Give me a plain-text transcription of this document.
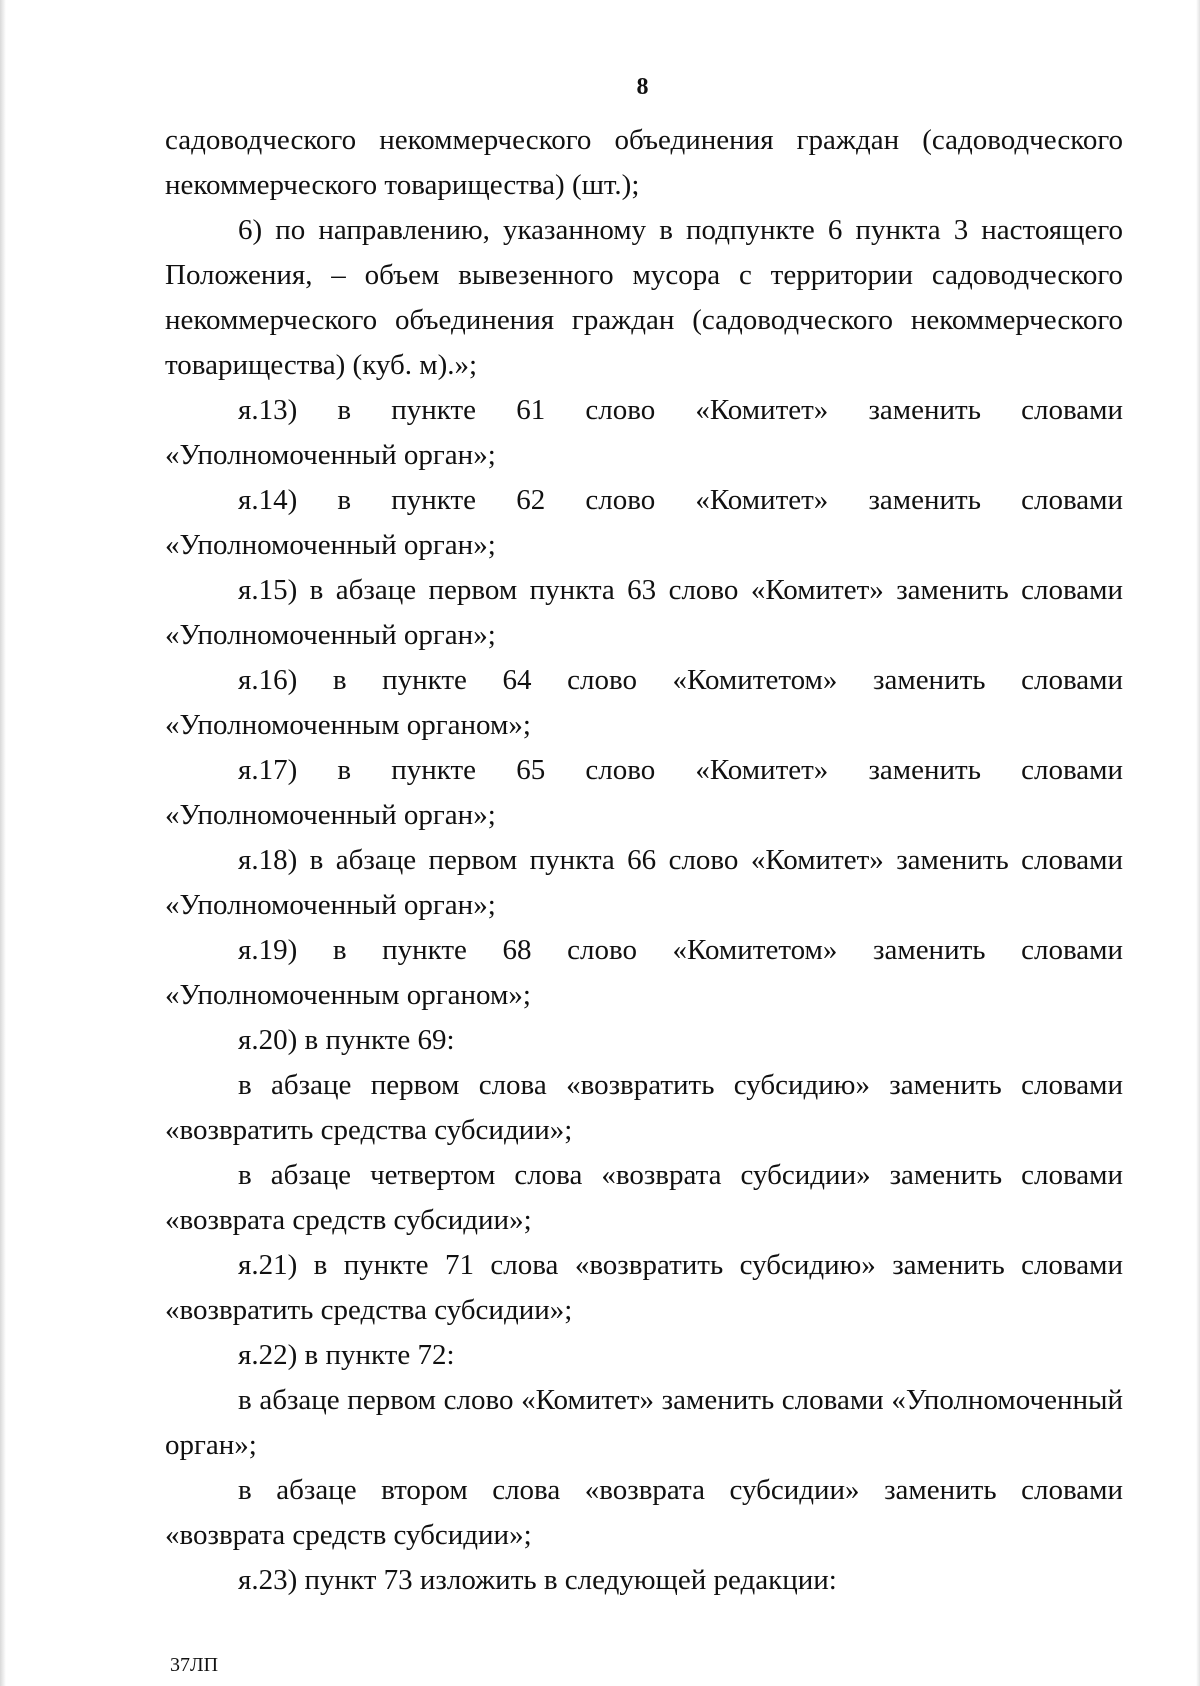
8

садоводческого некоммерческого объединения граждан (садоводческого некоммерческого товарищества) (шт.);

6) по направлению, указанному в подпункте 6 пункта 3 настоящего Положения, – объем вывезенного мусора с территории садоводческого некоммерческого объединения граждан (садоводческого некоммерческого товарищества) (куб. м).»;

я.13) в пункте 61 слово «Комитет» заменить словами «Уполномоченный орган»;

я.14) в пункте 62 слово «Комитет» заменить словами «Уполномоченный орган»;

я.15) в абзаце первом пункта 63 слово «Комитет» заменить словами «Уполномоченный орган»;

я.16) в пункте 64 слово «Комитетом» заменить словами «Уполномоченным органом»;

я.17) в пункте 65 слово «Комитет» заменить словами «Уполномоченный орган»;

я.18) в абзаце первом пункта 66 слово «Комитет» заменить словами «Уполномоченный орган»;

я.19) в пункте 68 слово «Комитетом» заменить словами «Уполномоченным органом»;

я.20) в пункте 69:

в абзаце первом слова «возвратить субсидию» заменить словами «возвратить средства субсидии»;

в абзаце четвертом слова «возврата субсидии» заменить словами «возврата средств субсидии»;

я.21) в пункте 71 слова «возвратить субсидию» заменить словами «возвратить средства субсидии»;

я.22) в пункте 72:

в абзаце первом слово «Комитет» заменить словами «Уполномоченный орган»;

в абзаце втором слова «возврата субсидии» заменить словами «возврата средств субсидии»;

я.23) пункт 73 изложить в следующей редакции:

37ЛП
